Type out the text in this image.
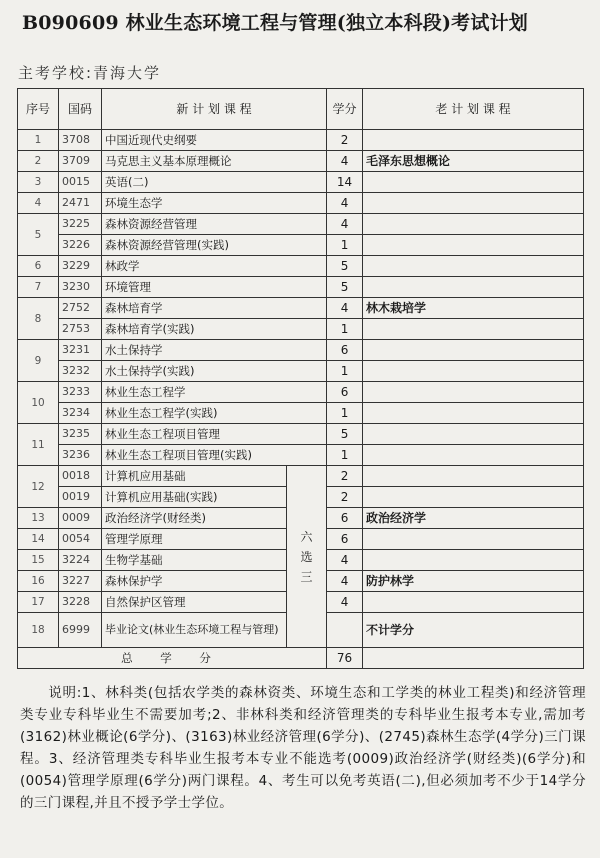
B090609 林业生态环境工程与管理(独立本科段)考试计划
主考学校:青海大学
序号	国码	新 计 划 课 程		学分	老 计 划 课 程
1	3708	中国近现代史纲要		2	
2	3709	马克思主义基本原理概论		4	毛泽东思想概论
3	0015	英语(二)		14	
4	2471	环境生态学		4	
5	3225	森林资源经营管理		4	
	3226	森林资源经营管理(实践)		1	
6	3229	林政学		5	
7	3230	环境管理		5	
8	2752	森林培育学		4	林木栽培学
	2753	森林培育学(实践)		1	
9	3231	水土保持学		6	
	3232	水土保持学(实践)		1	
10	3233	林业生态工程学		6	
	3234	林业生态工程学(实践)		1	
11	3235	林业生态工程项目管理		5	
	3236	林业生态工程项目管理(实践)		1	
12	0018	计算机应用基础	六选三	2	
	0019	计算机应用基础(实践)		2	
13	0009	政治经济学(财经类)		6	政治经济学
14	0054	管理学原理		6	
15	3224	生物学基础		4	
16	3227	森林保护学		4	防护林学
17	3228	自然保护区管理		4	
18	6999	毕业论文(林业生态环境工程与管理)			不计学分
总 学 分				76	
说明:1、林科类(包括农学类的森林资类、环境生态和工学类的林业工程类)和经济管理类专业专科毕业生不需要加考;2、非林科类和经济管理类的专科毕业生报考本专业,需加考(3162)林业概论(6学分)、(3163)林业经济管理(6学分)、(2745)森林生态学(4学分)三门课程。3、经济管理类专科毕业生报考本专业不能选考(0009)政治经济学(财经类)(6学分)和(0054)管理学原理(6学分)两门课程。4、考生可以免考英语(二),但必须加考不少于14学分的三门课程,并且不授予学士学位。
